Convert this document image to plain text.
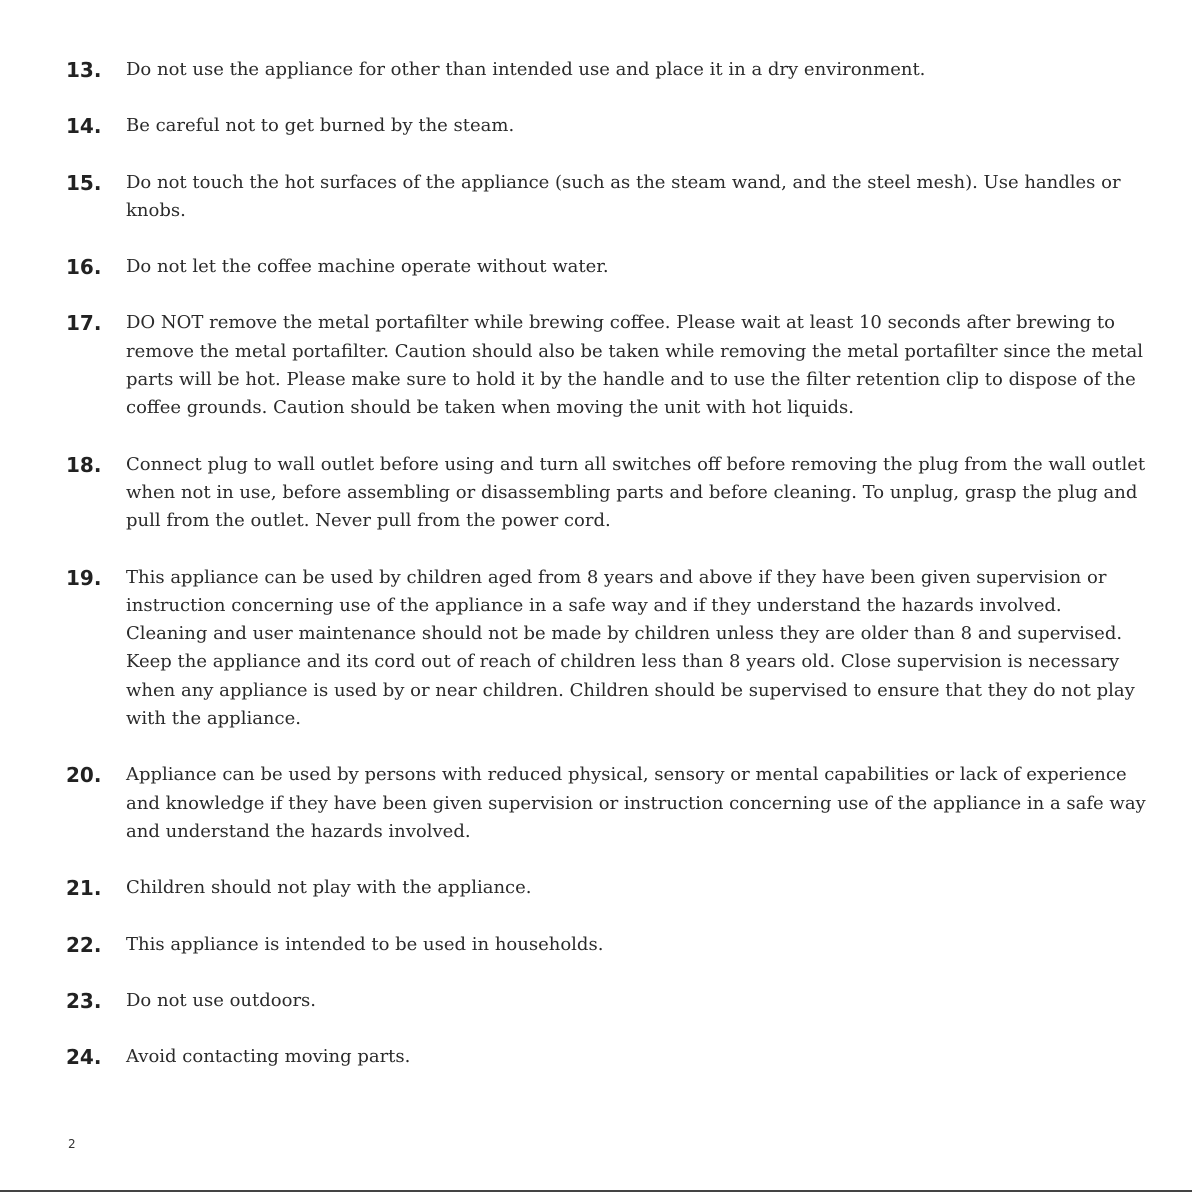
13.	Do not use the appliance for other than intended use and place it in a dry environment.
14.	Be careful not to get burned by the steam.
15.	Do not touch the hot surfaces of the appliance (such as the steam wand, and the steel mesh). Use handles or knobs.
16.	Do not let the coffee machine operate without water.
17.	DO NOT remove the metal portafilter while brewing coffee. Please wait at least 10 seconds after brewing to remove the metal portafilter. Caution should also be taken while removing the metal portafilter since the metal parts will be hot. Please make sure to hold it by the handle and to use the filter retention clip to dispose of the coffee grounds. Caution should be taken when moving the unit with hot liquids.
18.	Connect plug to wall outlet before using and turn all switches off before removing the plug from the wall outlet when not in use, before assembling or disassembling parts and before cleaning. To unplug, grasp the plug and pull from the outlet. Never pull from the power cord.
19.	This appliance can be used by children aged from 8 years and above if they have been given supervision or instruction concerning use of the appliance in a safe way and if they understand the hazards involved. Cleaning and user maintenance should not be made by children unless they are older than 8 and supervised. Keep the appliance and its cord out of reach of children less than 8 years old. Close supervision is necessary when any appliance is used by or near children. Children should be supervised to ensure that they do not play with the appliance.
20.	Appliance can be used by persons with reduced physical, sensory or mental capabilities or lack of experience and knowledge if they have been given supervision or instruction concerning use of the appliance in a safe way and understand the hazards involved.
21.	Children should not play with the appliance.
22.	This appliance is intended to be used in households.
23.	Do not use outdoors.
24.	Avoid contacting moving parts.
2
